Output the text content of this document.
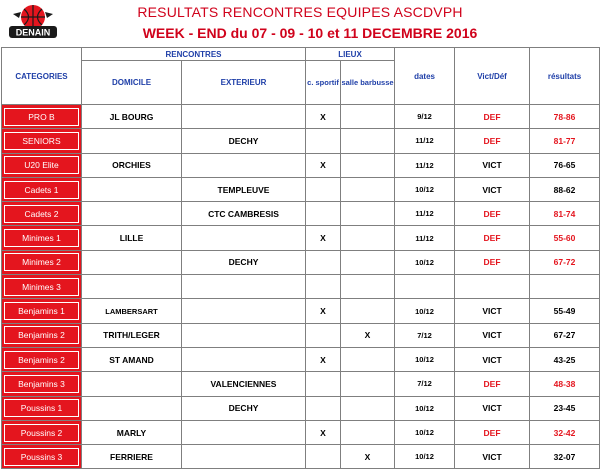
DENAIN
RESULTATS RENCONTRES EQUIPES ASCDVPH
WEEK - END du 07 - 09 - 10 et 11 DECEMBRE 2016
CATEGORIES	RENCONTRES		LIEUX		dates	Vict/Déf	résultats
	DOMICILE	EXTERIEUR	c. sportif	salle barbusse			

PRO B	JL BOURG		X		9/12	DEF	78-86

SENIORS		DECHY			11/12	DEF	81-77

U20 Elite	ORCHIES		X		11/12	VICT	76-65

Cadets 1		TEMPLEUVE			10/12	VICT	88-62

Cadets 2		CTC CAMBRESIS			11/12	DEF	81-74

Minimes 1	LILLE		X		11/12	DEF	55-60

Minimes 2		DECHY			10/12	DEF	67-72

Minimes 3							

Benjamins 1	LAMBERSART		X		10/12	VICT	55-49

Benjamins 2	TRITH/LEGER			X	7/12	VICT	67-27

Benjamins 2	ST AMAND		X		10/12	VICT	43-25

Benjamins 3		VALENCIENNES			7/12	DEF	48-38

Poussins 1		DECHY			10/12	VICT	23-45

Poussins 2	MARLY		X		10/12	DEF	32-42

Poussins 3	FERRIERE			X	10/12	VICT	32-07
